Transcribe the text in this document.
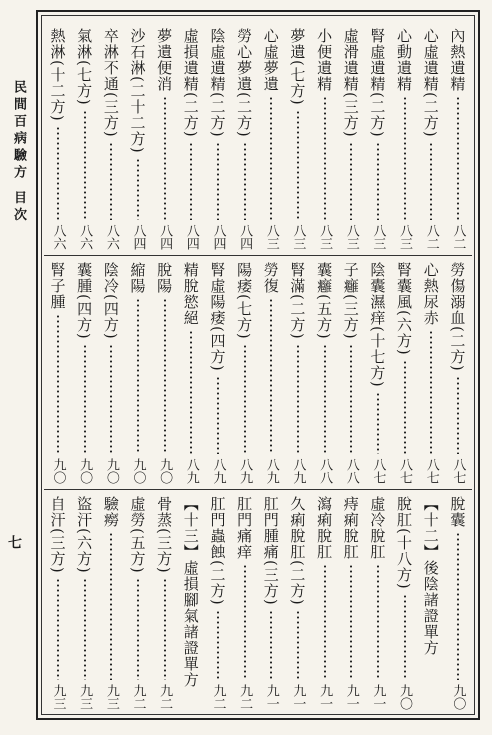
民間百病驗方 目次
七
內熱遺精
八二
心虛遺精(二方)
八二
心動遺精
八三
腎虛遺精(二方)
八三
虛滑遺精(三方)
八三
小便遺精
八三
夢遺(七方)
八三
心虛夢遺
八三
勞心夢遺(二方)
八四
陰虛遺精(二方)
八四
虛損遺精(二方)
八四
夢遺便消
八四
沙石淋(二十二方)
八四
卒淋不通(三方)
八六
氣淋(七方)
八六
熱淋(十二方)
八六
勞傷溺血(二方)
八七
心熱尿赤
八七
腎囊風(六方)
八七
陰囊濕痒(十七方)
八七
子癰(三方)
八八
囊癰(五方)
八八
腎滿(二方)
八九
勞復
八九
陽痿(七方)
八九
腎虛陽痿(四方)
八九
精脫慾絕
八九
脫陽
九〇
縮陽
九〇
陰冷(四方)
九〇
囊腫(四方)
九〇
腎子腫
九〇
脫囊
九〇
【十二】後陰諸證單方
脫肛(十八方)
九〇
虛冷脫肛
九一
痔痢脫肛
九一
瀉痢脫肛
九一
久痢脫肛(二方)
九一
肛門腫痛(三方)
九一
肛門痛痒
九二
肛門蟲蝕(二方)
九二
【十三】虛損腳氣諸證單方
骨蒸(三方)
九二
虛勞(五方)
九二
驗癆
九三
盜汗(六方)
九三
自汗(三方)
九三
